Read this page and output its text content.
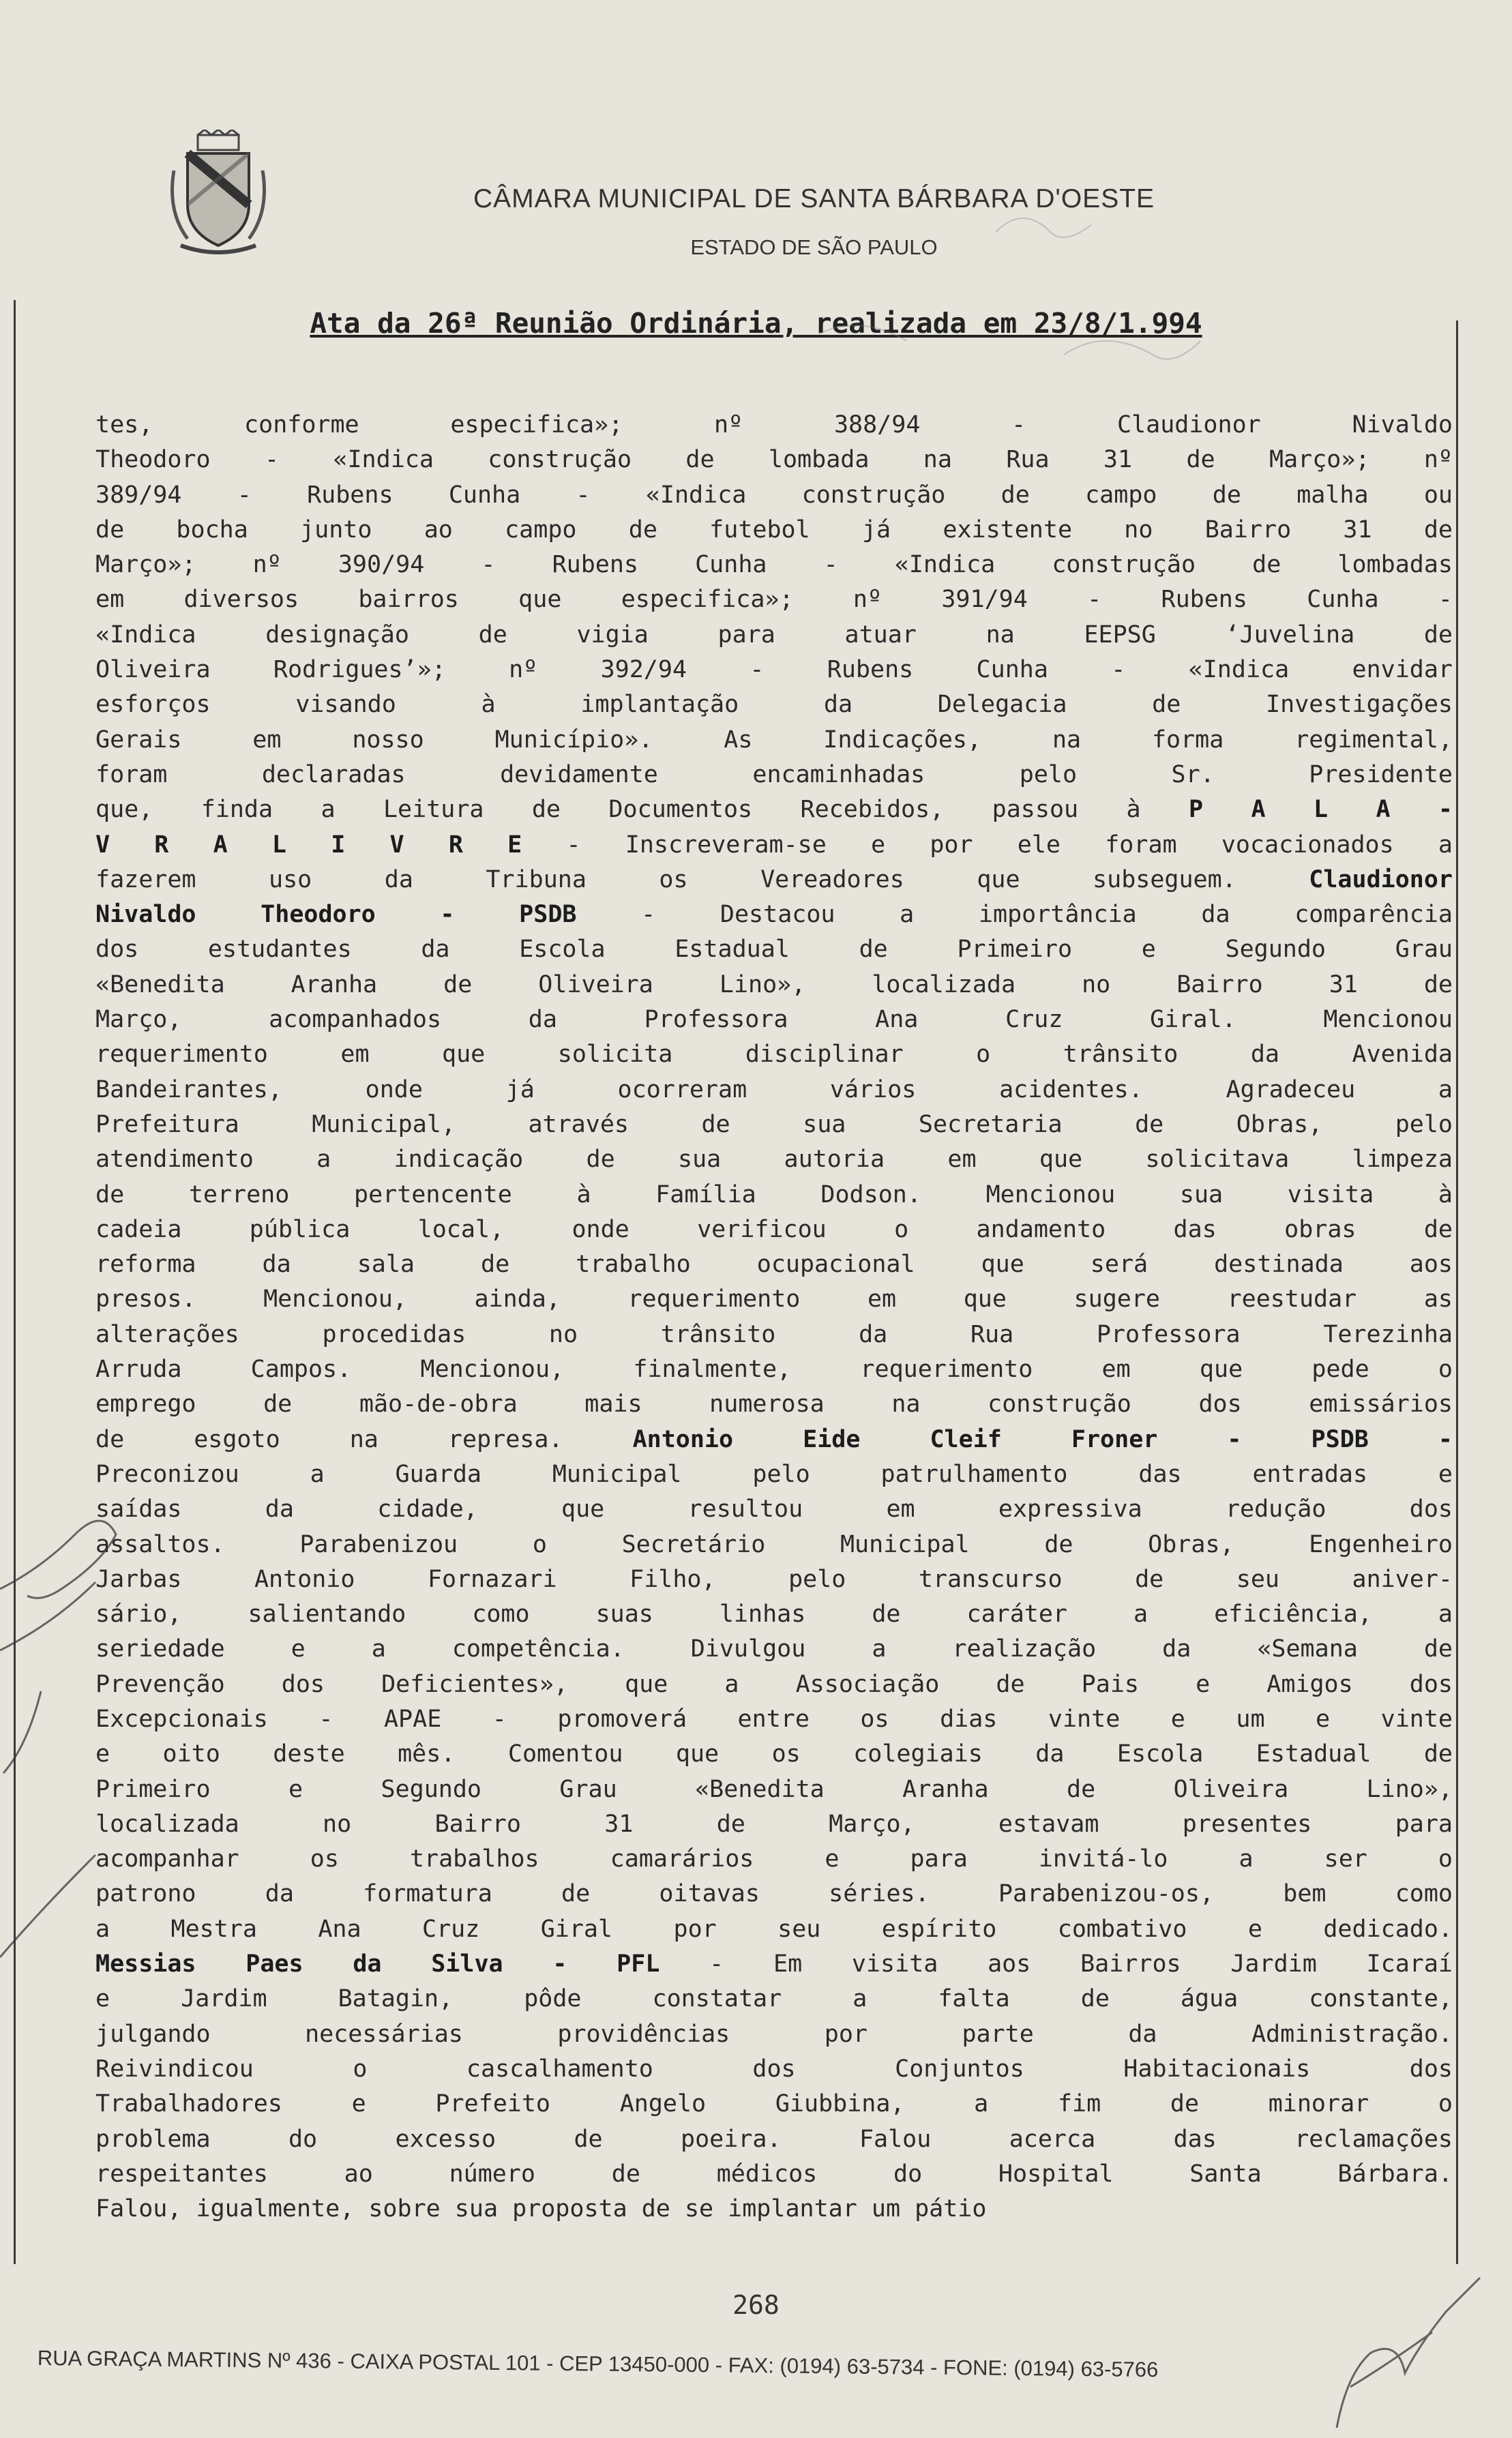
CÂMARA MUNICIPAL DE SANTA BÁRBARA D'OESTE
ESTADO DE SÃO PAULO
Ata da 26ª Reunião Ordinária, realizada em 23/8/1.994
tes, conforme especifica»; nº 388/94 - Claudionor Nivaldo
Theodoro - «Indica construção de lombada na Rua 31 de Março»; nº
389/94 - Rubens Cunha - «Indica construção de campo de malha ou
de bocha junto ao campo de futebol já existente no Bairro 31 de
Março»; nº 390/94 - Rubens Cunha - «Indica construção de lombadas
em diversos bairros que especifica»; nº 391/94 - Rubens Cunha -
«Indica designação de vigia para atuar na EEPSG ‘Juvelina de
Oliveira Rodrigues’»; nº 392/94 - Rubens Cunha - «Indica envidar
esforços visando à implantação da Delegacia de Investigações
Gerais em nosso Município». As Indicações, na forma regimental,
foram declaradas devidamente encaminhadas pelo Sr. Presidente
que, finda a Leitura de Documentos Recebidos, passou à P A L A -
V R A L I V R E - Inscreveram-se e por ele foram vocacionados a
fazerem uso da Tribuna os Vereadores que subseguem. Claudionor
Nivaldo Theodoro - PSDB - Destacou a importância da comparência
dos estudantes da Escola Estadual de Primeiro e Segundo Grau
«Benedita Aranha de Oliveira Lino», localizada no Bairro 31 de
Março, acompanhados da Professora Ana Cruz Giral. Mencionou
requerimento em que solicita disciplinar o trânsito da Avenida
Bandeirantes, onde já ocorreram vários acidentes. Agradeceu a
Prefeitura Municipal, através de sua Secretaria de Obras, pelo
atendimento a indicação de sua autoria em que solicitava limpeza
de terreno pertencente à Família Dodson. Mencionou sua visita à
cadeia pública local, onde verificou o andamento das obras de
reforma da sala de trabalho ocupacional que será destinada aos
presos. Mencionou, ainda, requerimento em que sugere reestudar as
alterações procedidas no trânsito da Rua Professora Terezinha
Arruda Campos. Mencionou, finalmente, requerimento em que pede o
emprego de mão-de-obra mais numerosa na construção dos emissários
de esgoto na represa. Antonio Eide Cleif Froner - PSDB -
Preconizou a Guarda Municipal pelo patrulhamento das entradas e
saídas da cidade, que resultou em expressiva redução dos
assaltos. Parabenizou o Secretário Municipal de Obras, Engenheiro
Jarbas Antonio Fornazari Filho, pelo transcurso de seu aniver-
sário, salientando como suas linhas de caráter a eficiência, a
seriedade e a competência. Divulgou a realização da «Semana de
Prevenção dos Deficientes», que a Associação de Pais e Amigos dos
Excepcionais - APAE - promoverá entre os dias vinte e um e vinte
e oito deste mês. Comentou que os colegiais da Escola Estadual de
Primeiro e Segundo Grau «Benedita Aranha de Oliveira Lino»,
localizada no Bairro 31 de Março, estavam presentes para
acompanhar os trabalhos camarários e para invitá-lo a ser o
patrono da formatura de oitavas séries. Parabenizou-os, bem como
a Mestra Ana Cruz Giral por seu espírito combativo e dedicado.
Messias Paes da Silva - PFL - Em visita aos Bairros Jardim Icaraí
e Jardim Batagin, pôde constatar a falta de água constante,
julgando necessárias providências por parte da Administração.
Reivindicou o cascalhamento dos Conjuntos Habitacionais dos
Trabalhadores e Prefeito Angelo Giubbina, a fim de minorar o
problema do excesso de poeira. Falou acerca das reclamações
respeitantes ao número de médicos do Hospital Santa Bárbara.
Falou, igualmente, sobre sua proposta de se implantar um pátio
268
RUA GRAÇA MARTINS Nº 436 - CAIXA POSTAL 101 - CEP 13450-000 - FAX: (0194) 63-5734 - FONE: (0194) 63-5766
